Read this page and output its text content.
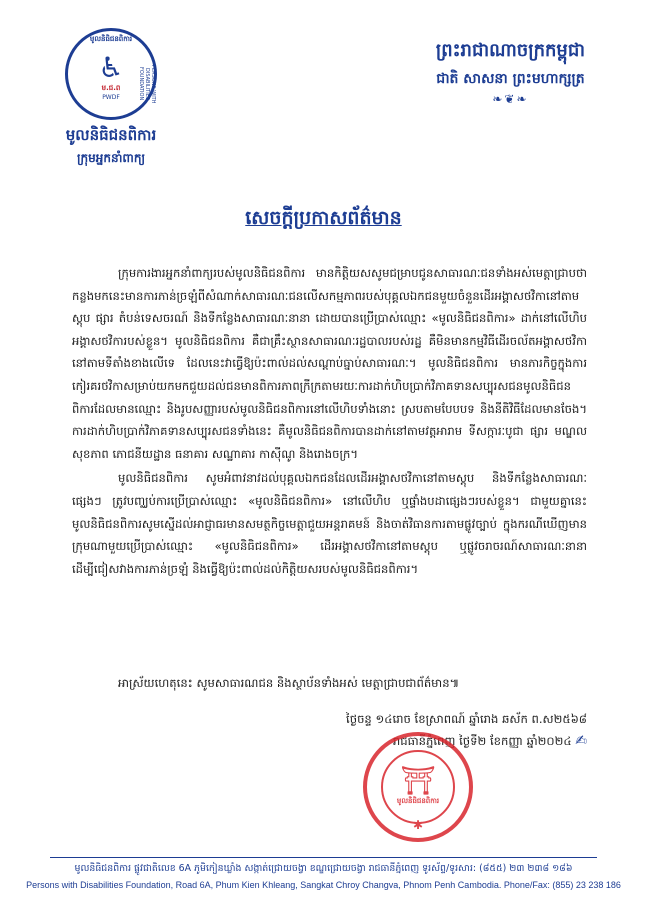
មូលនិធិជនពិការ
♿
ម.ជ.ព
PWDF	PERSONS WITH DISABILITIES FOUNDATION
មូលនិធិជនពិការ
ក្រុមអ្នកនាំពាក្យ
ព្រះរាជាណាចក្រកម្ពុជា
ជាតិ សាសនា ព្រះមហាក្សត្រ
❧❦❧
សេចក្តីប្រកាសព័ត៌មាន

ក្រុមការងារអ្នកនាំពាក្យរបស់មូលនិធិជនពិការ មានកិត្តិយសសូមជម្រាបជូនសាធារណៈជនទាំងអស់មេត្តាជ្រាបថា កន្លងមកនេះមានការភាន់ច្រឡំពីសំណាក់សាធារណៈជនលើសកម្មភាពរបស់បុគ្គលឯកជនមួយចំនួនដើរអង្គាសថវិកានៅតាមស្តុប ផ្សារ តំបន់ទេសចរណ៍ និងទីកន្លែងសាធារណៈនានា ដោយបានប្រើប្រាស់ឈ្មោះ «មូលនិធិជនពិការ» ដាក់នៅលើហិបអង្គាសថវិការបស់ខ្លួន។ មូលនិធិជនពិការ គឺជាគ្រឹះស្ថានសាធារណៈរដ្ឋបាលរបស់រដ្ឋ គឺមិនមានកម្មវិធីដើរចល័តអង្គាសថវិកានៅតាមទីតាំងខាងលើទេ ដែលនេះវាធ្វើឱ្យប៉ះពាល់ដល់សណ្តាប់ធ្នាប់សាធារណៈ។ មូលនិធិជនពិការ មានភារកិច្ចក្នុងការកៀរគរថវិកាសម្រាប់យកមកជួយដល់ជនមានពិការភាពក្រីក្រតាមរយៈការដាក់ហិបប្រាក់វិភាគទានសប្បុរសជនមូលនិធិជនពិការដែលមានឈ្មោះ និងរូបសញ្ញារបស់មូលនិធិជនពិការនៅលើហិបទាំងនោះ ស្របតាមបែបបទ និងនីតិវិធីដែលមានចែង។ ការដាក់ហិបប្រាក់វិភាគទានសប្បុរសជនទាំងនេះ គឺមូលនិធិជនពិការបានដាក់នៅតាមវត្តអារាម ទីសក្ការៈបូជា ផ្សារ មណ្ឌលសុខភាព ភោជនីយដ្ឋាន ធនាគារ សណ្ឋាគារ កាស៊ីណូ និងរោងចក្រ។

មូលនិធិជនពិការ សូមអំពាវនាវដល់បុគ្គលឯកជនដែលដើរអង្គាសថវិកានៅតាមស្តុប និងទីកន្លែងសាធារណៈផ្សេងៗ ត្រូវបញ្ឈប់ការប្រើប្រាស់ឈ្មោះ «មូលនិធិជនពិការ» នៅលើហិប ឬផ្ទាំងបដាផ្សេងៗរបស់ខ្លួន។ ជាមួយគ្នានេះ មូលនិធិជនពិការសូមស្នើដល់អាជ្ញាធរមានសមត្ថកិច្ចមេត្តាជួយអន្តរាគមន៍ និងចាត់វិធានការតាមផ្លូវច្បាប់ ក្នុងករណីឃើញមានក្រុមណាមួយប្រើប្រាស់ឈ្មោះ «មូលនិធិជនពិការ» ដើរអង្គាសថវិកានៅតាមស្តុប ឬផ្លូវចរាចរណ៍សាធារណៈនានា ដើម្បីជៀសវាងការភាន់ច្រឡំ និងធ្វើឱ្យប៉ះពាល់ដល់កិត្តិយសរបស់មូលនិធិជនពិការ។

អាស្រ័យហេតុនេះ សូមសាធារណជន និងស្ថាប័នទាំងអស់ មេត្តាជ្រាបជាព័ត៌មាន៕
ថ្ងៃចន្ទ ១៤រោច ខែស្រាពណ៍ ឆ្នាំរោង ឆស័ក ព.ស២៥៦៨
រាជធានីភ្នំពេញ ថ្ងៃទី២ ខែកញ្ញា ឆ្នាំ២០២៤ ✍
⛩
មូលនិធិជនពិការ
✱
មូលនិធិជនពិការ ផ្លូវជាតិលេខ 6A ភូមិកៀនឃ្លាំង សង្កាត់ជ្រោយចង្វា ខណ្ឌជ្រោយចង្វា រាជធានីភ្នំពេញ ទូរស័ព្ទ/ទូរសារ: (៨៥៥) ២៣ ២៣៨ ១៨៦
Persons with Disabilities Foundation, Road 6A, Phum Kien Khleang, Sangkat Chroy Changva, Phnom Penh Cambodia. Phone/Fax: (855) 23 238 186
